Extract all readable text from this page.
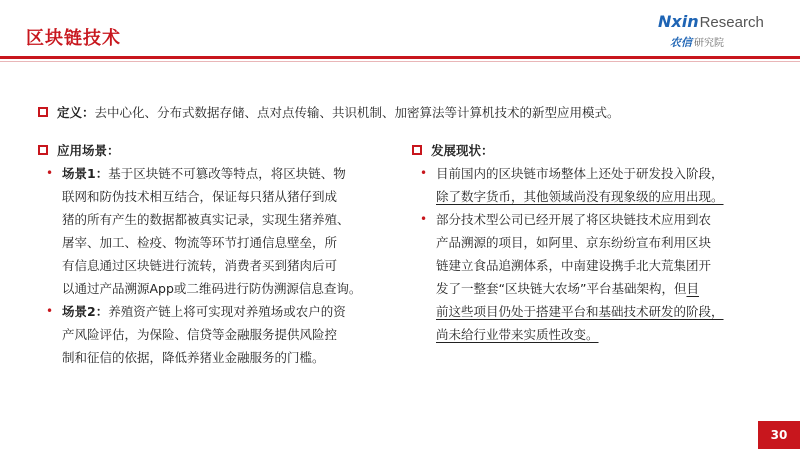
区块链技术
NxinResearch
农信 研究院
定义：去中心化、分布式数据存储、点对点传输、共识机制、加密算法等计算机技术的新型应用模式。
应用场景：
• 场景1：基于区块链不可篡改等特点，将区块链、物
联网和防伪技术相互结合，保证每只猪从猪仔到成
猪的所有产生的数据都被真实记录，实现生猪养殖、
屠宰、加工、检疫、物流等环节打通信息壁垒，所
有信息通过区块链进行流转，消费者买到猪肉后可
以通过产品溯源App或二维码进行防伪溯源信息查询。
• 场景2：养殖资产链上将可实现对养殖场或农户的资
产风险评估，为保险、信贷等金融服务提供风险控
制和征信的依据，降低养猪业金融服务的门槛。
发展现状：
• 目前国内的区块链市场整体上还处于研发投入阶段，
除了数字货币，其他领域尚没有现象级的应用出现。
• 部分技术型公司已经开展了将区块链技术应用到农
产品溯源的项目，如阿里、京东纷纷宣布利用区块
链建立食品追溯体系，中南建设携手北大荒集团开
发了一整套“区块链大农场”平台基础架构，但目
前这些项目仍处于搭建平台和基础技术研发的阶段，
尚未给行业带来实质性改变。
30
